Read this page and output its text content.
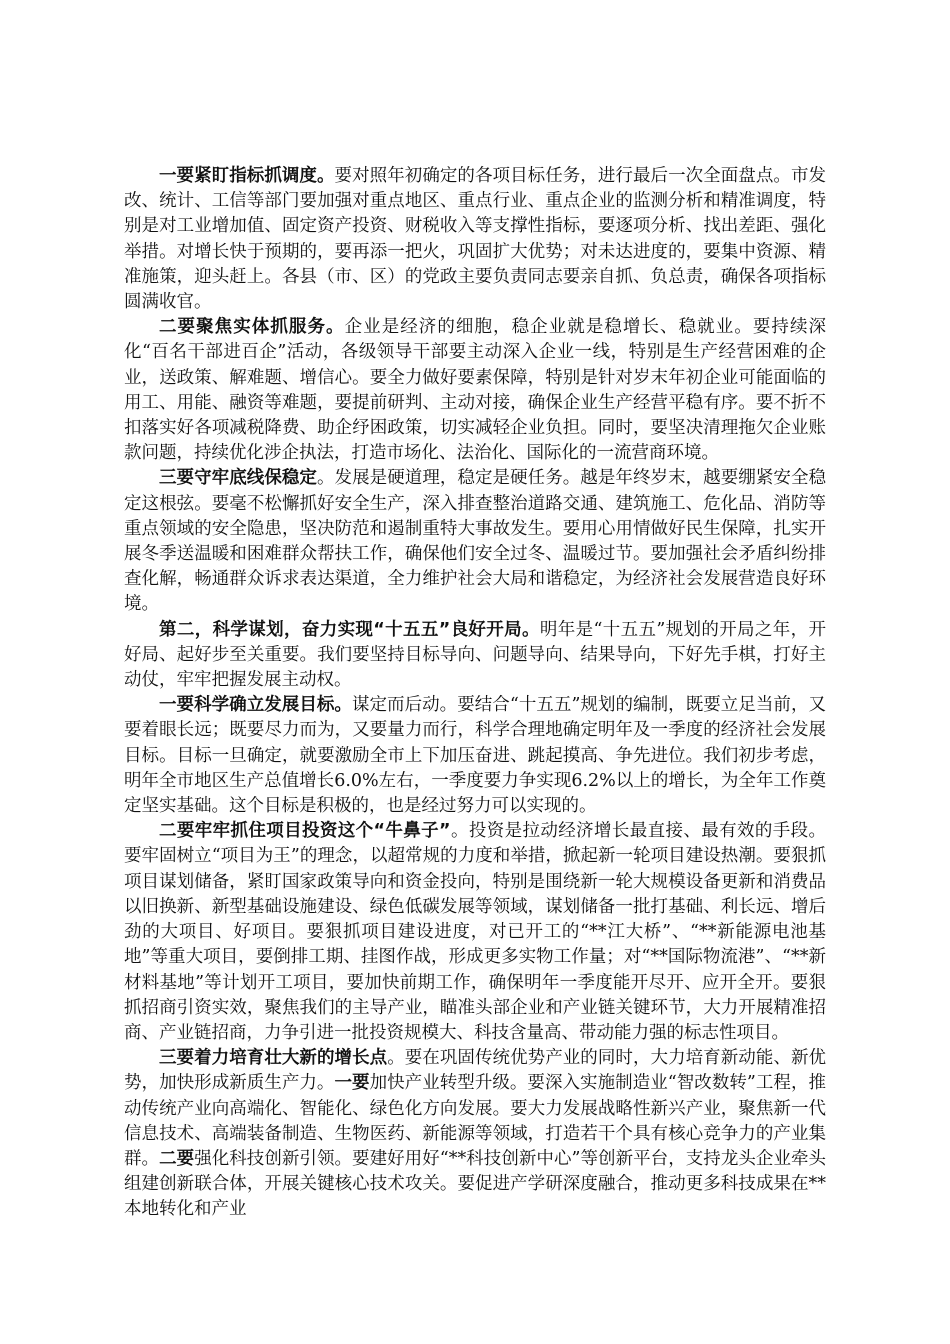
一要紧盯指标抓调度。要对照年初确定的各项目标任务，进行最后一次全面盘点。市发改、统计、工信等部门要加强对重点地区、重点行业、重点企业的监测分析和精准调度，特别是对工业增加值、固定资产投资、财税收入等支撑性指标，要逐项分析、找出差距、强化举措。对增长快于预期的，要再添一把火，巩固扩大优势；对未达进度的，要集中资源、精准施策，迎头赶上。各县（市、区）的党政主要负责同志要亲自抓、负总责，确保各项指标圆满收官。

二要聚焦实体抓服务。企业是经济的细胞，稳企业就是稳增长、稳就业。要持续深化“百名干部进百企”活动，各级领导干部要主动深入企业一线，特别是生产经营困难的企业，送政策、解难题、增信心。要全力做好要素保障，特别是针对岁末年初企业可能面临的用工、用能、融资等难题，要提前研判、主动对接，确保企业生产经营平稳有序。要不折不扣落实好各项减税降费、助企纾困政策，切实减轻企业负担。同时，要坚决清理拖欠企业账款问题，持续优化涉企执法，打造市场化、法治化、国际化的一流营商环境。

三要守牢底线保稳定。发展是硬道理，稳定是硬任务。越是年终岁末，越要绷紧安全稳定这根弦。要毫不松懈抓好安全生产，深入排查整治道路交通、建筑施工、危化品、消防等重点领域的安全隐患，坚决防范和遏制重特大事故发生。要用心用情做好民生保障，扎实开展冬季送温暖和困难群众帮扶工作，确保他们安全过冬、温暖过节。要加强社会矛盾纠纷排查化解，畅通群众诉求表达渠道，全力维护社会大局和谐稳定，为经济社会发展营造良好环境。

第二，科学谋划，奋力实现“十五五”良好开局。明年是“十五五”规划的开局之年，开好局、起好步至关重要。我们要坚持目标导向、问题导向、结果导向，下好先手棋，打好主动仗，牢牢把握发展主动权。

一要科学确立发展目标。谋定而后动。要结合“十五五”规划的编制，既要立足当前，又要着眼长远；既要尽力而为，又要量力而行，科学合理地确定明年及一季度的经济社会发展目标。目标一旦确定，就要激励全市上下加压奋进、跳起摸高、争先进位。我们初步考虑，明年全市地区生产总值增长6.0%左右，一季度要力争实现6.2%以上的增长，为全年工作奠定坚实基础。这个目标是积极的，也是经过努力可以实现的。

二要牢牢抓住项目投资这个“牛鼻子”。投资是拉动经济增长最直接、最有效的手段。要牢固树立“项目为王”的理念，以超常规的力度和举措，掀起新一轮项目建设热潮。要狠抓项目谋划储备，紧盯国家政策导向和资金投向，特别是围绕新一轮大规模设备更新和消费品以旧换新、新型基础设施建设、绿色低碳发展等领域，谋划储备一批打基础、利长远、增后劲的大项目、好项目。要狠抓项目建设进度，对已开工的“**江大桥”、“**新能源电池基地”等重大项目，要倒排工期、挂图作战，形成更多实物工作量；对“**国际物流港”、“**新材料基地”等计划开工项目，要加快前期工作，确保明年一季度能开尽开、应开全开。要狠抓招商引资实效，聚焦我们的主导产业，瞄准头部企业和产业链关键环节，大力开展精准招商、产业链招商，力争引进一批投资规模大、科技含量高、带动能力强的标志性项目。

三要着力培育壮大新的增长点。要在巩固传统优势产业的同时，大力培育新动能、新优势，加快形成新质生产力。一要加快产业转型升级。要深入实施制造业“智改数转”工程，推动传统产业向高端化、智能化、绿色化方向发展。要大力发展战略性新兴产业，聚焦新一代信息技术、高端装备制造、生物医药、新能源等领域，打造若干个具有核心竞争力的产业集群。二要强化科技创新引领。要建好用好“**科技创新中心”等创新平台，支持龙头企业牵头组建创新联合体，开展关键核心技术攻关。要促进产学研深度融合，推动更多科技成果在**本地转化和产业
